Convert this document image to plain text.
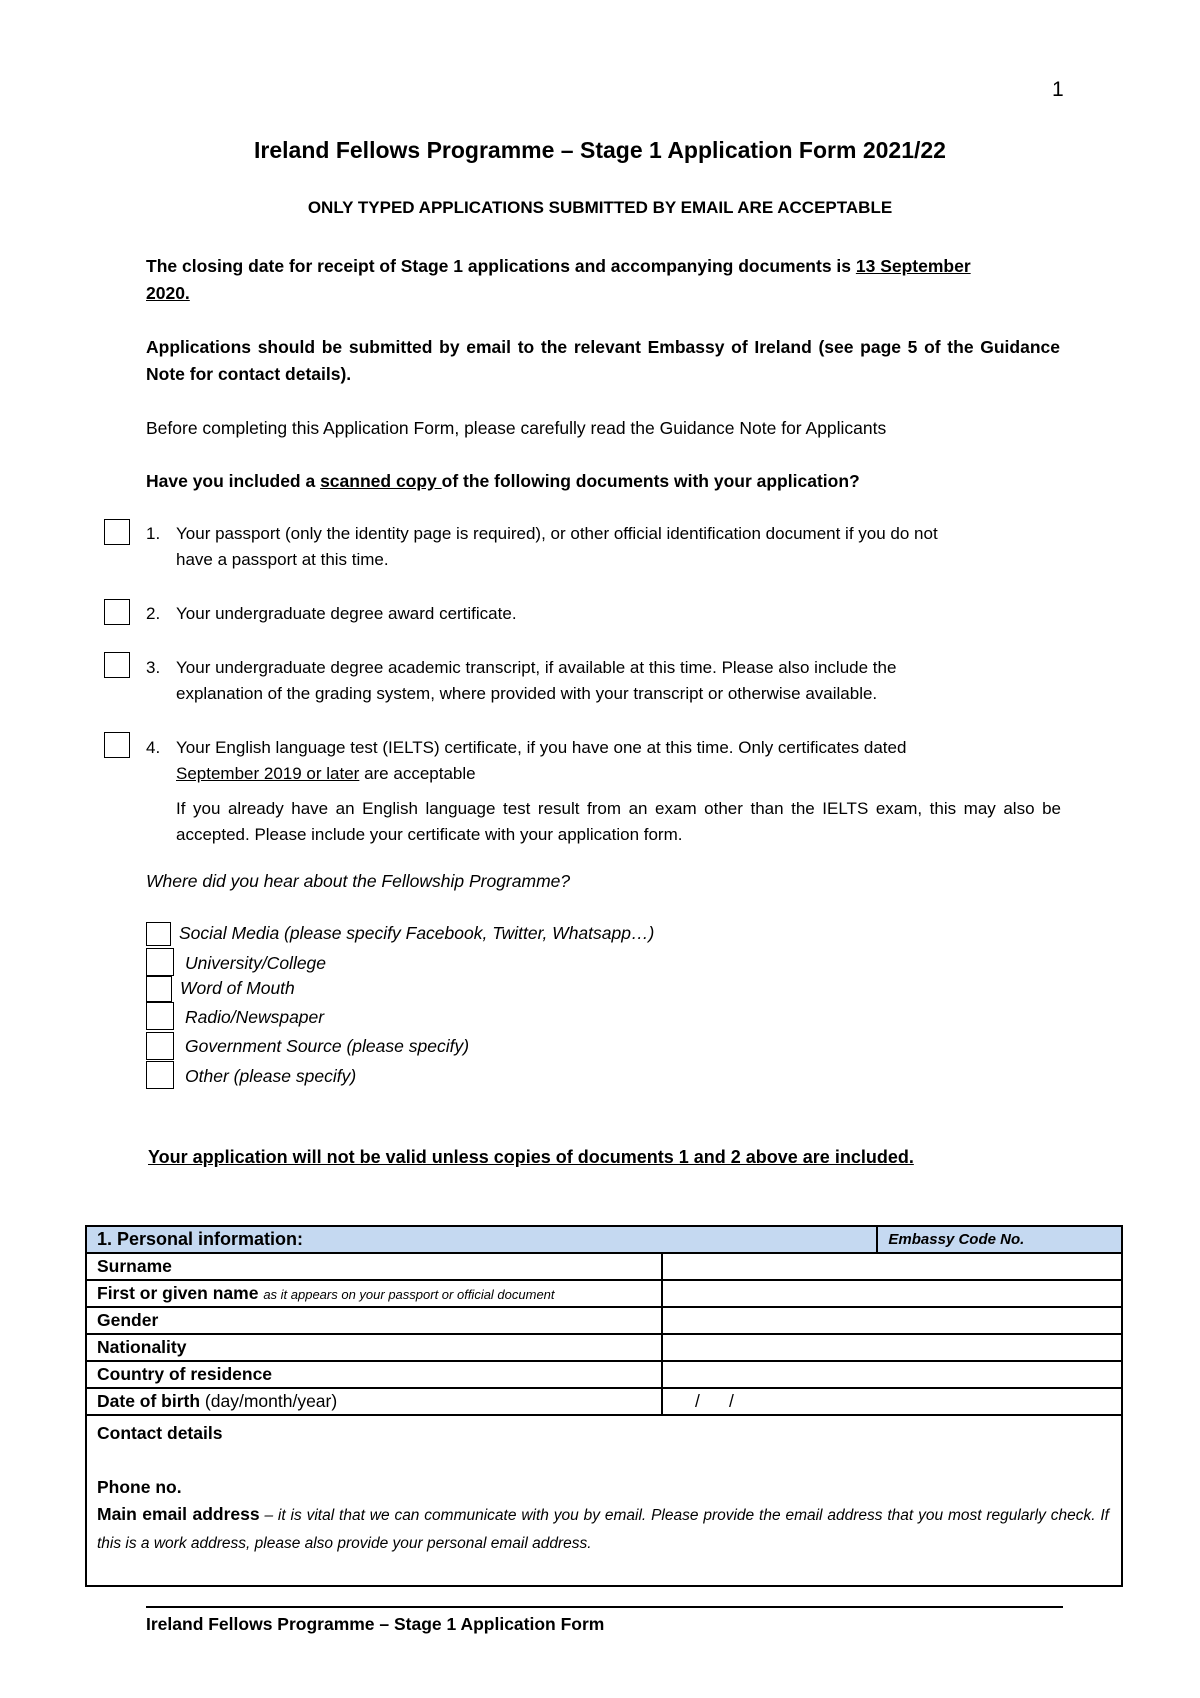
1
Ireland Fellows Programme – Stage 1 Application Form 2021/22
ONLY TYPED APPLICATIONS SUBMITTED BY EMAIL ARE ACCEPTABLE
The closing date for receipt of Stage 1 applications and accompanying documents is 13 September
2020.
Applications should be submitted by email to the relevant Embassy of Ireland (see page 5 of the Guidance Note for contact details).
Before completing this Application Form, please carefully read the Guidance Note for Applicants
Have you included a scanned copy of the following documents with your application?
1. Your passport (only the identity page is required), or other official identification document if you do not
have a passport at this time.
2. Your undergraduate degree award certificate.
3. Your undergraduate degree academic transcript, if available at this time. Please also include the
explanation of the grading system, where provided with your transcript or otherwise available.
4. Your English language test (IELTS) certificate, if you have one at this time. Only certificates dated
September 2019 or later are acceptable
If you already have an English language test result from an exam other than the IELTS exam, this may also be accepted. Please include your certificate with your application form.
Where did you hear about the Fellowship Programme?
Social Media (please specify Facebook, Twitter, Whatsapp…)
University/College
Word of Mouth
Radio/Newspaper
Government Source (please specify)
Other (please specify)
Your application will not be valid unless copies of documents 1 and 2 above are included.
1. Personal information:		Embassy Code No.
Surname		
First or given name as it appears on your passport or official document		
Gender		
Nationality		
Country of residence		
Date of birth (day/month/year)	/      /	

Contact details
Phone no.
Main email address – it is vital that we can communicate with you by email. Please provide the email address that you most regularly check. If this is a work address, please also provide your personal email address.		
Ireland Fellows Programme – Stage 1 Application Form
